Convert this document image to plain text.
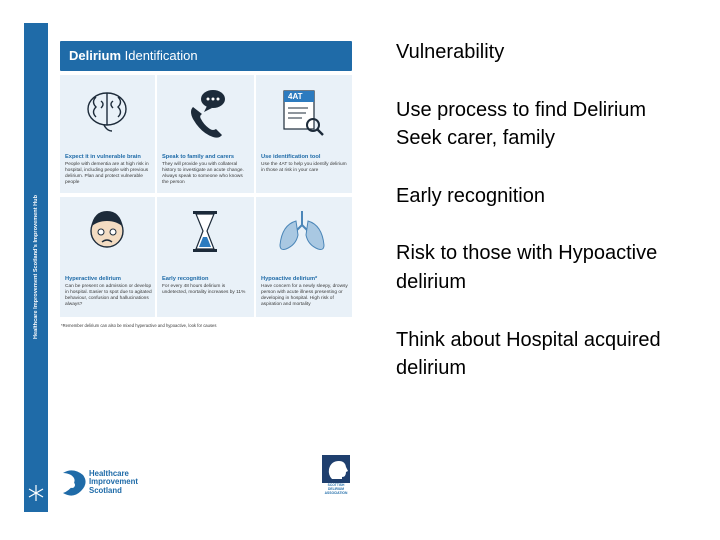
Healthcare Improvement Scotland's Improvement Hub
Delirium Identification
Expect it in vulnerable brain
People with dementia are at high risk in hospital, including people with previous delirium. Plan and protect vulnerable people
Speak to family and carers
They will provide you with collateral history to investigate an acute change. Always speak to someone who knows the person
4AT
Use identification tool
Use the 4AT to help you identify delirium in those at risk in your care
Hyperactive delirium
Can be present on admission or develop in hospital. Easier to spot due to agitated behaviour, confusion and hallucinations always?
Early recognition
For every 48 hours delirium is undetected, mortality increases by 11%
Hypoactive delirium*
Have concern for a newly sleepy, drowsy person with acute illness presenting or developing in hospital. High risk of aspiration and mortality
*Remember delirium can also be mixed hyperactive and hypoactive, look for causes
Healthcare
Improvement
Scotland
SCOTTISH
DELIRIUM
ASSOCIATION
Vulnerability
Use process to find Delirium
Seek carer, family
Early recognition
Risk to those with Hypoactive
delirium
Think about Hospital acquired
delirium
